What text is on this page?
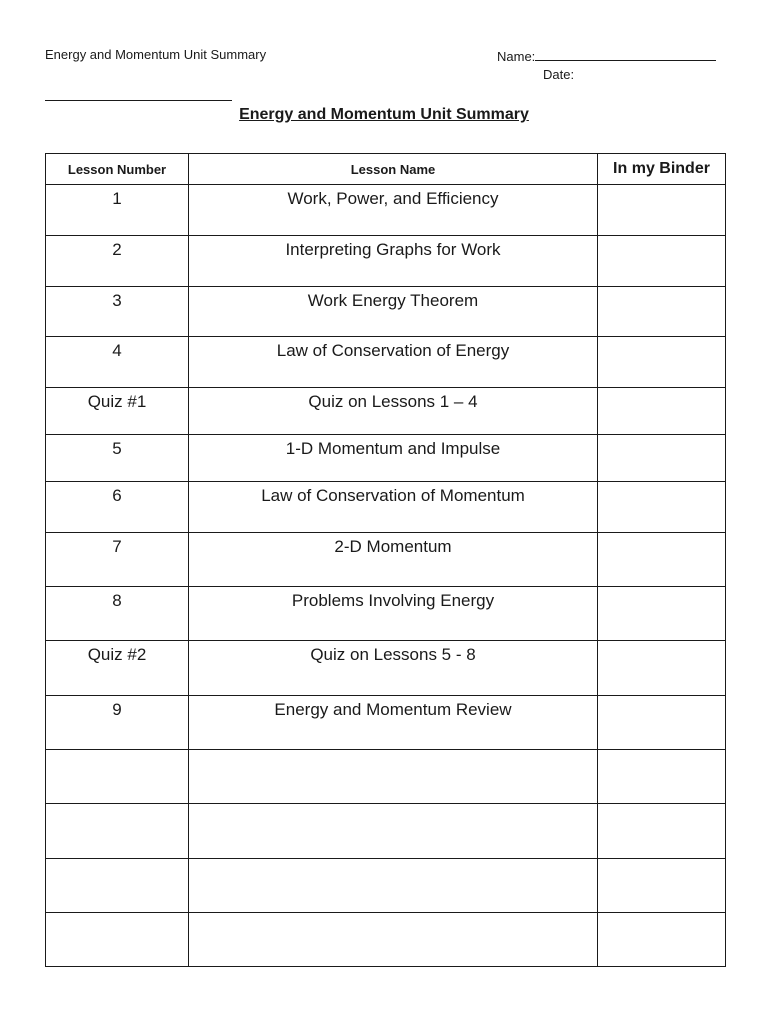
Energy and Momentum Unit Summary	Name:
Date:
Energy and Momentum Unit Summary
Lesson Number	Lesson Name	In my Binder
1	Work, Power, and Efficiency	
2	Interpreting Graphs for Work	
3	Work Energy Theorem	
4	Law of Conservation of Energy	
Quiz #1	Quiz on Lessons 1 – 4	
5	1-D Momentum and Impulse	
6	Law of Conservation of Momentum	
7	2-D Momentum	
8	Problems Involving Energy	
Quiz #2	Quiz on Lessons 5 - 8	
9	Energy and Momentum Review	
